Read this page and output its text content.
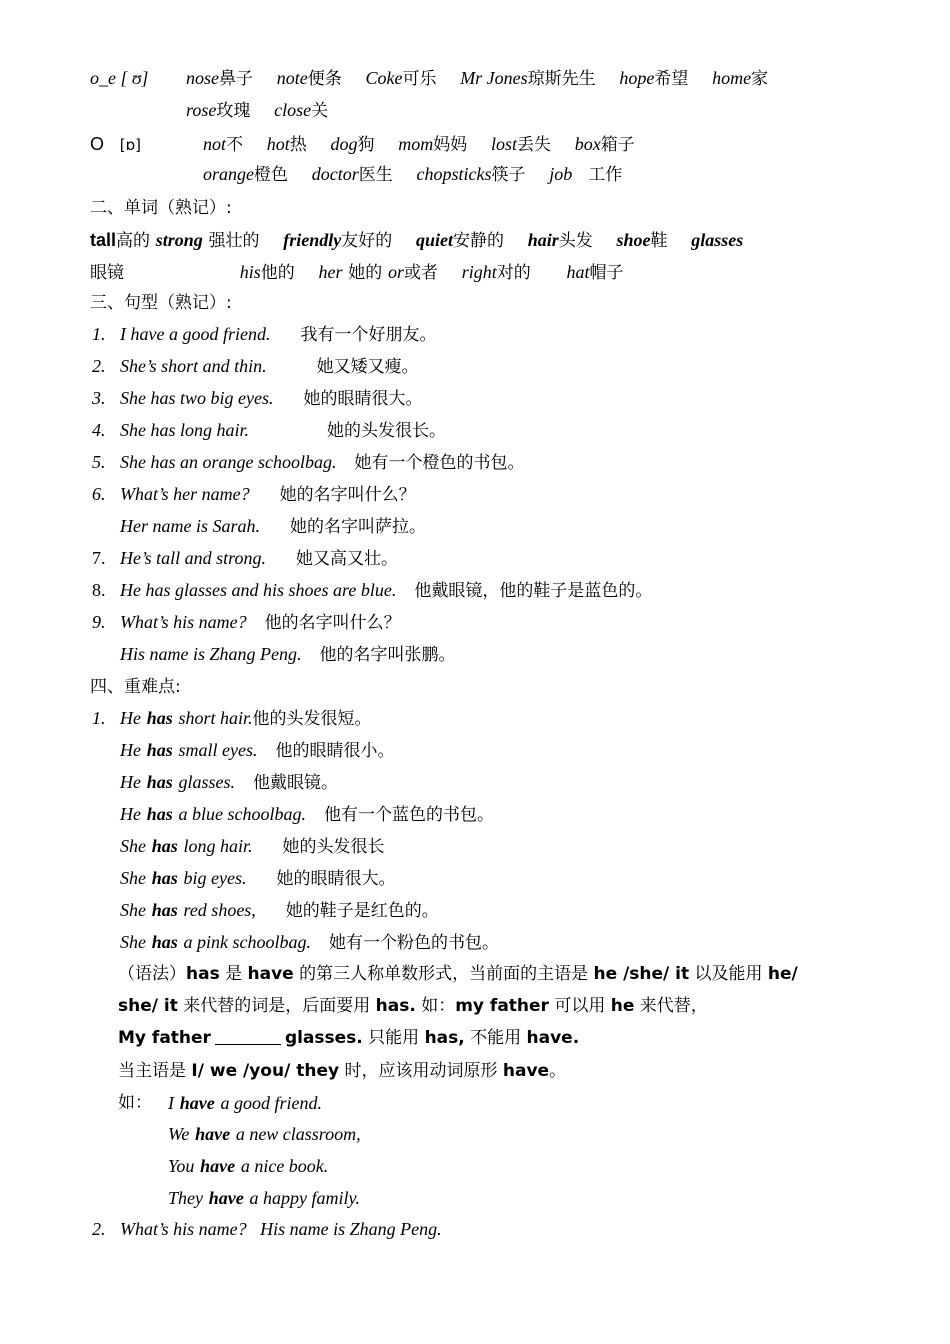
o_e [ ʊ] nose鼻子 note便条 Coke可乐 Mr Jones琼斯先生 hope希望 home家
rose玫瑰 close关
O [ɒ]	not不 hot热 dog狗 mom妈妈 lost丢失 box箱子
orange橙色 doctor医生 chopsticks筷子 job 工作
二、单词（熟记）:
tall高的 strong 强壮的 friendly友好的 quiet安静的 hair头发 shoe鞋 glasses
眼镜	his他的 her 她的 or或者 right对的 hat帽子
三、句型（熟记）:
1. I have a good friend. 我有一个好朋友。
2. She’s short and thin.	她又矮又瘦。
3. She has two big eyes. 她的眼睛很大。
4. She has long hair.	她的头发很长。
5. She has an orange schoolbag. 她有一个橙色的书包。
6. What’s her name? 她的名字叫什么？
Her name is Sarah. 她的名字叫萨拉。
7. He’s tall and strong. 她又高又壮。
8. He has glasses and his shoes are blue. 他戴眼镜，他的鞋子是蓝色的。
9. What’s his name? 他的名字叫什么？
His name is Zhang Peng. 他的名字叫张鹏。
四、重难点:
1. He has short hair.他的头发很短。
He has small eyes. 他的眼睛很小。
He has glasses. 他戴眼镜。
He has a blue schoolbag. 他有一个蓝色的书包。
She has long hair. 她的头发很长
She has big eyes. 她的眼睛很大。
She has red shoes, 她的鞋子是红色的。
She has a pink schoolbag. 她有一个粉色的书包。
（语法）has 是 have 的第三人称单数形式，当前面的主语是 he /she/ it 以及能用 he/
she/ it 来代替的词是，后面要用 has. 如：my father 可以用 he 来代替，
My father	glasses. 只能用 has, 不能用 have.
当主语是 I/ we /you/ they 时，应该用动词原形 have。
如： I have a good friend.
We have a new classroom,
You have a nice book.
They have a happy family.
2. What’s his name?   His name is Zhang Peng.
